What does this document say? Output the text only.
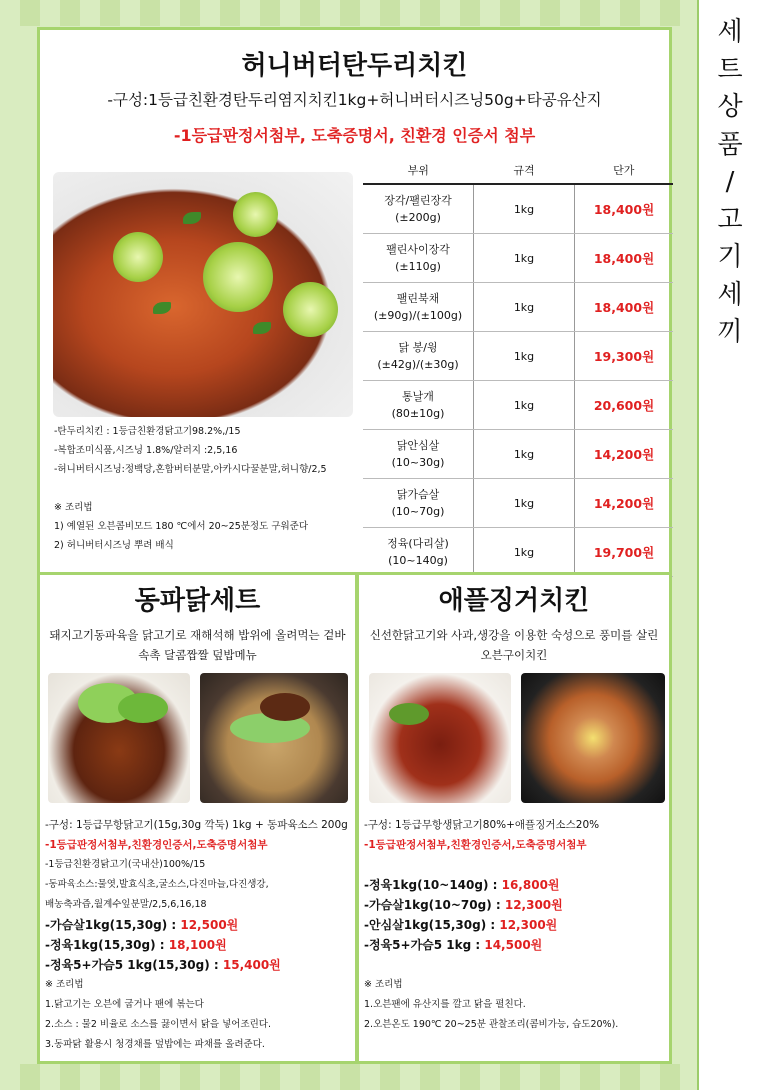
세
트
상
품
/
고
기
세
끼
허니버터탄두리치킨
-구성:1등급친환경탄두리염지치킨1kg+허니버터시즈닝50g+타공유산지
-1등급판정서첨부, 도축증명서, 친환경 인증서 첨부
-탄두리치킨 : 1등급친환경닭고기98.2%,/15
-복합조미식품,시즈닝 1.8%/알러지 :2,5,16
-허니버터시즈닝:정백당,혼합버터분말,아카시다꿀분말,허니향/2,5

※ 조리법
1) 예열된 오븐콤비모드 180 ℃에서 20~25분정도 구워준다
2) 허니버터시즈닝 뿌려 배식
부위	규격	단가

장각/팰린장각
(±200g)	1kg	18,400원

팰린사이장각
(±110g)	1kg	18,400원

팰린북채
(±90g)/(±100g)	1kg	18,400원

닭 봉/윙
(±42g)/(±30g)	1kg	19,300원

통날개
(80±10g)	1kg	20,600원

닭안심살
(10~30g)	1kg	14,200원

닭가슴살
(10~70g)	1kg	14,200원

정육(다리살)
(10~140g)	1kg	19,700원
동파닭세트
돼지고기동파육을 닭고기로 재해석해 밥위에 올려먹는 겉바속촉 달콤짭짤 덮밥메뉴
-구성: 1등급무항닭고기(15g,30g 깍둑) 1kg + 동파육소스 200g
-1등급판정서첨부,친환경인증서,도축증명서첨부
-1등급친환경닭고기(국내산)100%/15
-동파육소스:물엿,발효식초,굴소스,다진마늘,다진생강,
배농축과즙,월계수잎분말/2,5,6,16,18
-가슴살1kg(15,30g) : 12,500원
-정육1kg(15,30g) : 18,100원
-정육5+가슴5 1kg(15,30g) : 15,400원
※ 조리법
1.닭고기는 오븐에 굽거나 팬에 볶는다
2.소스 : 물2 비율로 소스를 끓이면서 닭을 넣어조린다.
3.동파닭 활용시 청경채를 덮밥에는 파채를 올려준다.
애플징거치킨
신선한닭고기와 사과,생강을 이용한 숙성으로 풍미를 살린 오븐구이치킨
-구성: 1등급무항생닭고기80%+애플징거소스20%
-1등급판정서첨부,친환경인증서,도축증명서첨부

-정육1kg(10~140g) : 16,800원
-가슴살1kg(10~70g) : 12,300원
-안심살1kg(15,30g) : 12,300원
-정육5+가슴5 1kg : 14,500원

※ 조리법
1.오븐팬에 유산지를 깔고 닭을 펼친다.
2.오븐온도 190℃ 20~25분 관찰조리(콤비가능, 습도20%).
